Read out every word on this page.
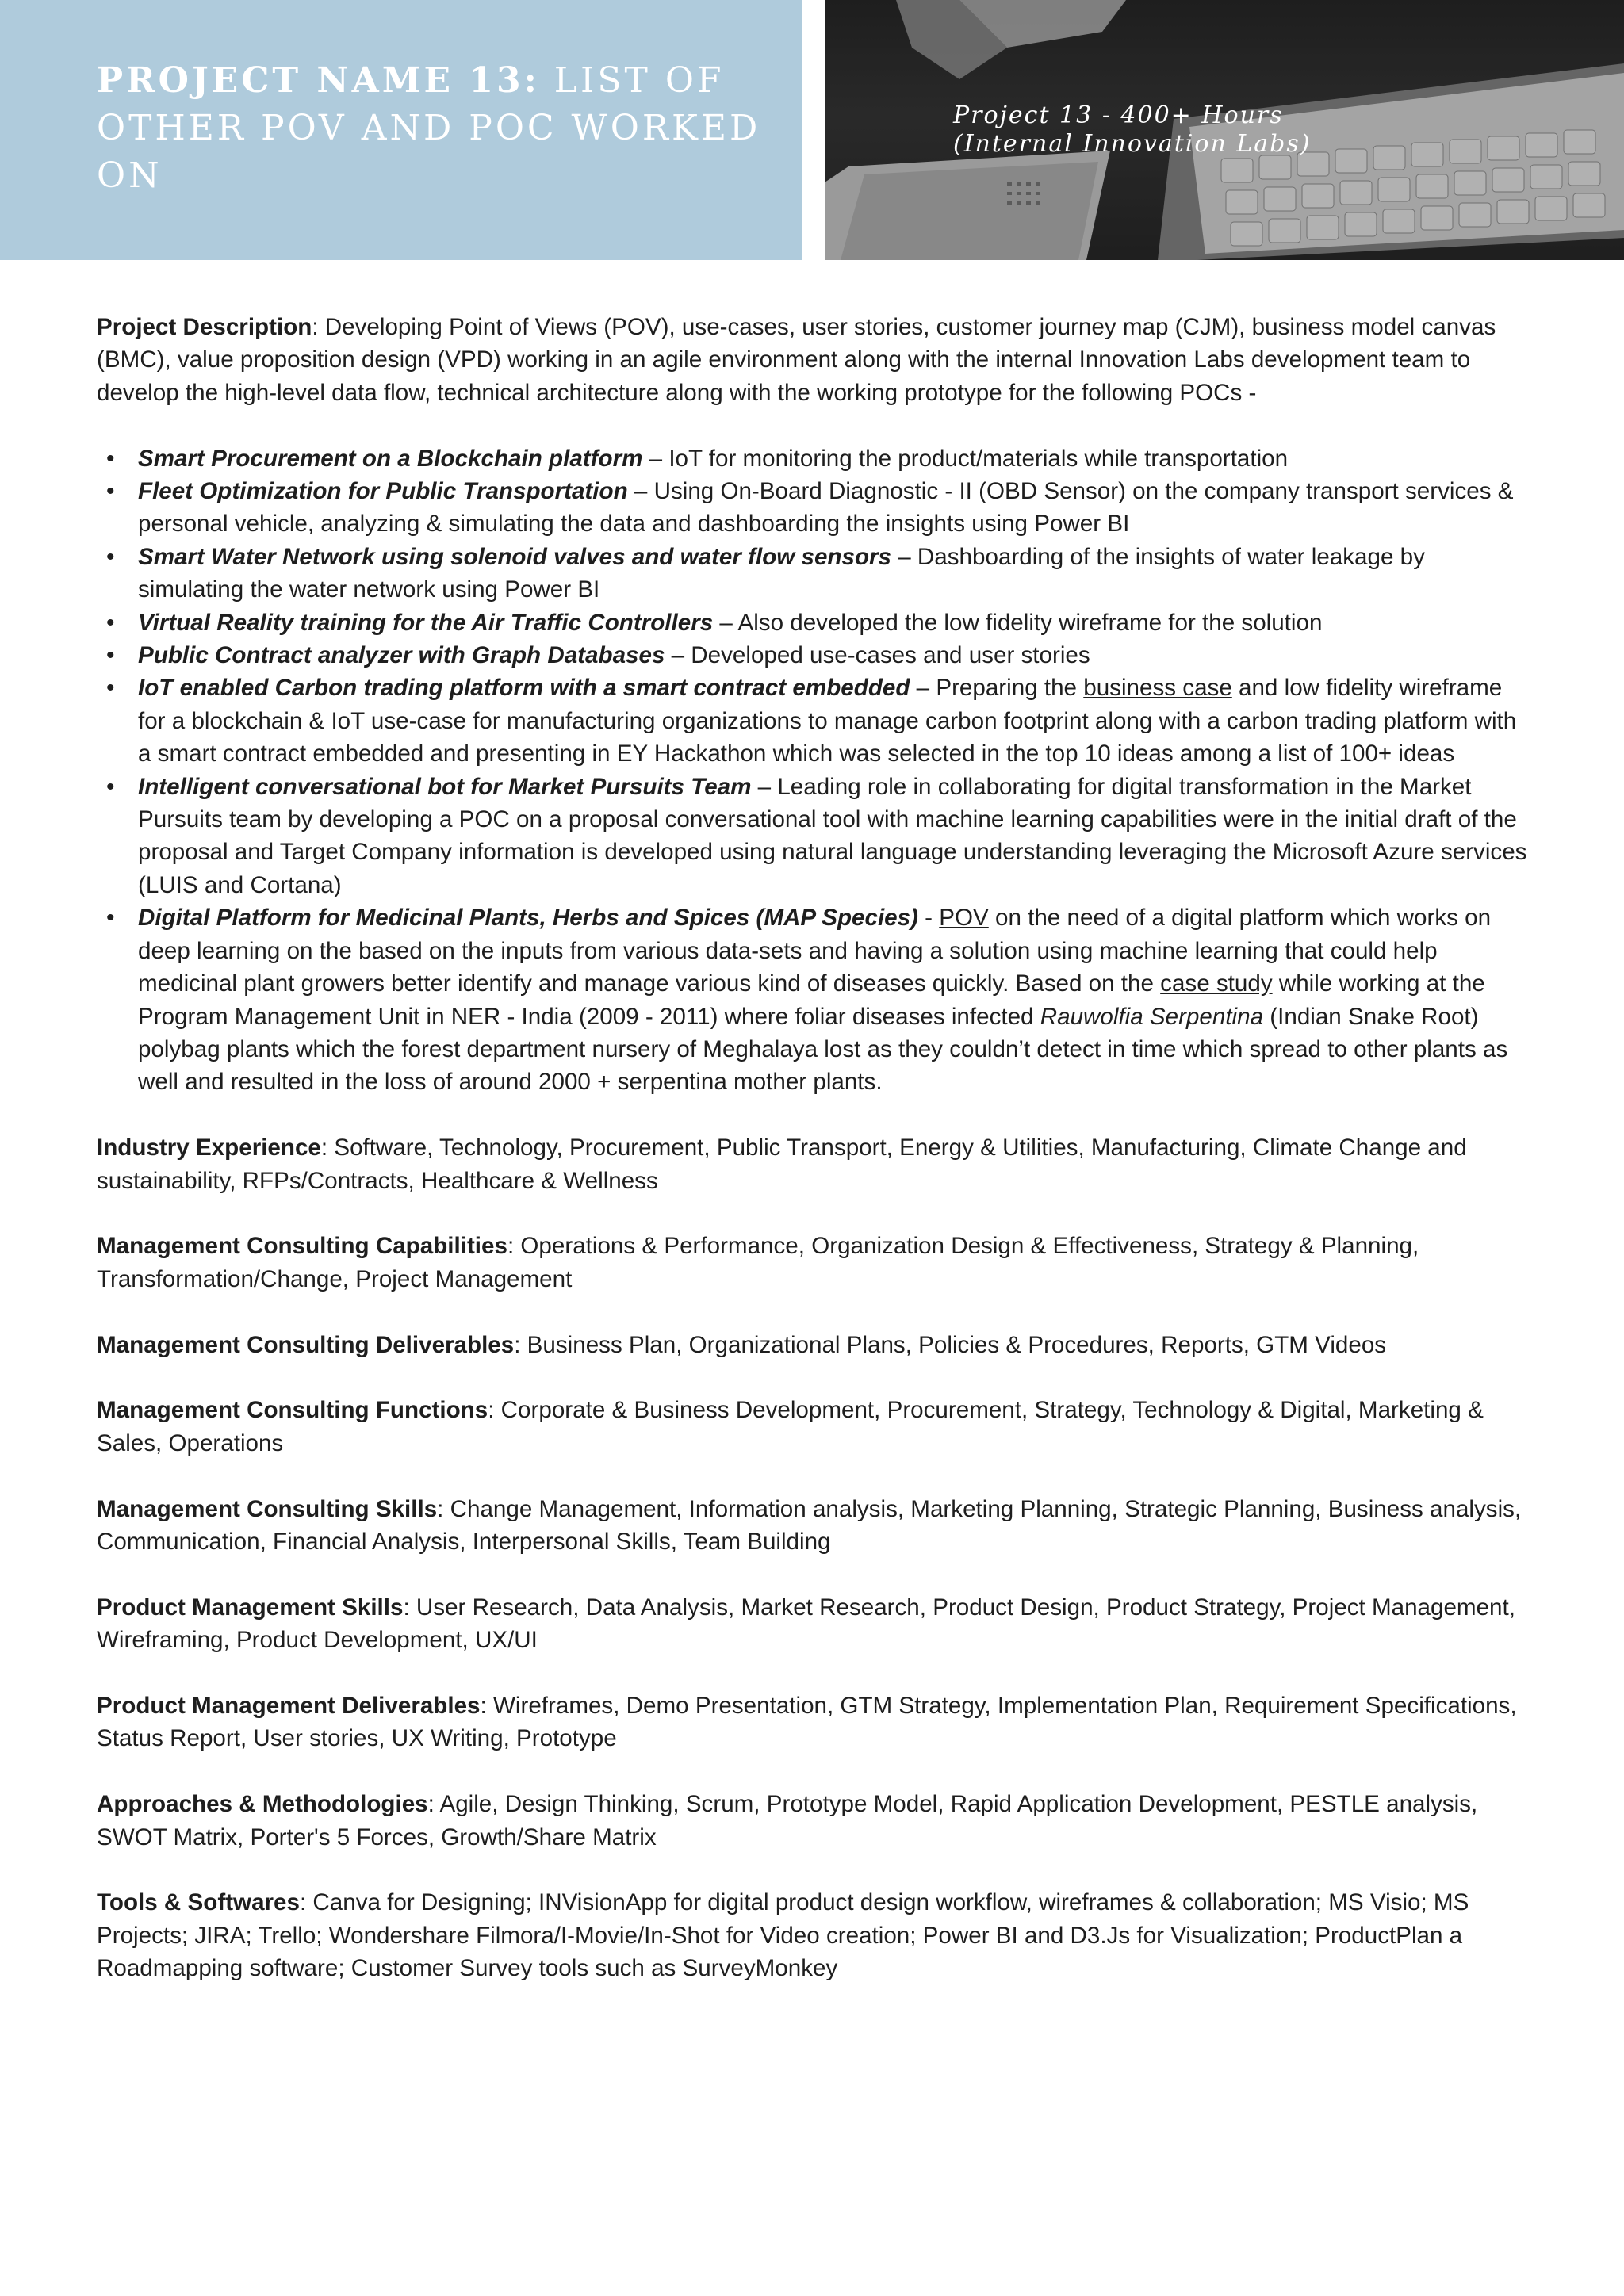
PROJECT NAME 13: LIST OF OTHER POV AND POC WORKED ON
Project 13 - 400+ Hours
(Internal Innovation Labs)

Project Description: Developing Point of Views (POV), use-cases, user stories, customer journey map (CJM), business model canvas (BMC), value proposition design (VPD) working in an agile environment along with the internal Innovation Labs development team to develop the high-level data flow, technical architecture along with the working prototype for the following POCs -

• Smart Procurement on a Blockchain platform – IoT for monitoring the product/materials while transportation
• Fleet Optimization for Public Transportation – Using On-Board Diagnostic - II (OBD Sensor) on the company transport services & personal vehicle, analyzing & simulating the data and dashboarding the insights using Power BI
• Smart Water Network using solenoid valves and water flow sensors – Dashboarding of the insights of water leakage by simulating the water network using Power BI
• Virtual Reality training for the Air Traffic Controllers – Also developed the low fidelity wireframe for the solution
• Public Contract analyzer with Graph Databases – Developed use-cases and user stories
• IoT enabled Carbon trading platform with a smart contract embedded – Preparing the business case and low fidelity wireframe for a blockchain & IoT use-case for manufacturing organizations to manage carbon footprint along with a carbon trading platform with a smart contract embedded and presenting in EY Hackathon which was selected in the top 10 ideas among a list of 100+ ideas
• Intelligent conversational bot for Market Pursuits Team – Leading role in collaborating for digital transformation in the Market Pursuits team by developing a POC on a proposal conversational tool with machine learning capabilities were in the initial draft of the proposal and Target Company information is developed using natural language understanding leveraging the Microsoft Azure services (LUIS and Cortana)
• Digital Platform for Medicinal Plants, Herbs and Spices (MAP Species) - POV on the need of a digital platform which works on deep learning on the based on the inputs from various data-sets and having a solution using machine learning that could help medicinal plant growers better identify and manage various kind of diseases quickly. Based on the case study while working at the Program Management Unit in NER - India (2009 - 2011) where foliar diseases infected Rauwolfia Serpentina (Indian Snake Root) polybag plants which the forest department nursery of Meghalaya lost as they couldn’t detect in time which spread to other plants as well and resulted in the loss of around 2000 + serpentina mother plants.

Industry Experience: Software, Technology, Procurement, Public Transport, Energy & Utilities, Manufacturing, Climate Change and sustainability, RFPs/Contracts, Healthcare & Wellness

Management Consulting Capabilities: Operations & Performance, Organization Design & Effectiveness, Strategy & Planning, Transformation/Change, Project Management

Management Consulting Deliverables: Business Plan, Organizational Plans, Policies & Procedures, Reports, GTM Videos

Management Consulting Functions: Corporate & Business Development, Procurement, Strategy, Technology & Digital, Marketing & Sales, Operations

Management Consulting Skills: Change Management, Information analysis, Marketing Planning, Strategic Planning, Business analysis, Communication, Financial Analysis, Interpersonal Skills, Team Building

Product Management Skills: User Research, Data Analysis, Market Research, Product Design, Product Strategy, Project Management, Wireframing, Product Development, UX/UI

Product Management Deliverables: Wireframes, Demo Presentation, GTM Strategy, Implementation Plan, Requirement Specifications, Status Report, User stories, UX Writing, Prototype

Approaches & Methodologies: Agile, Design Thinking, Scrum, Prototype Model, Rapid Application Development, PESTLE analysis, SWOT Matrix, Porter's 5 Forces, Growth/Share Matrix

Tools & Softwares: Canva for Designing; INVisionApp for digital product design workflow, wireframes & collaboration; MS Visio; MS Projects; JIRA; Trello; Wondershare Filmora/I-Movie/In-Shot for Video creation; Power BI and D3.Js for Visualization; ProductPlan a Roadmapping software; Customer Survey tools such as SurveyMonkey
